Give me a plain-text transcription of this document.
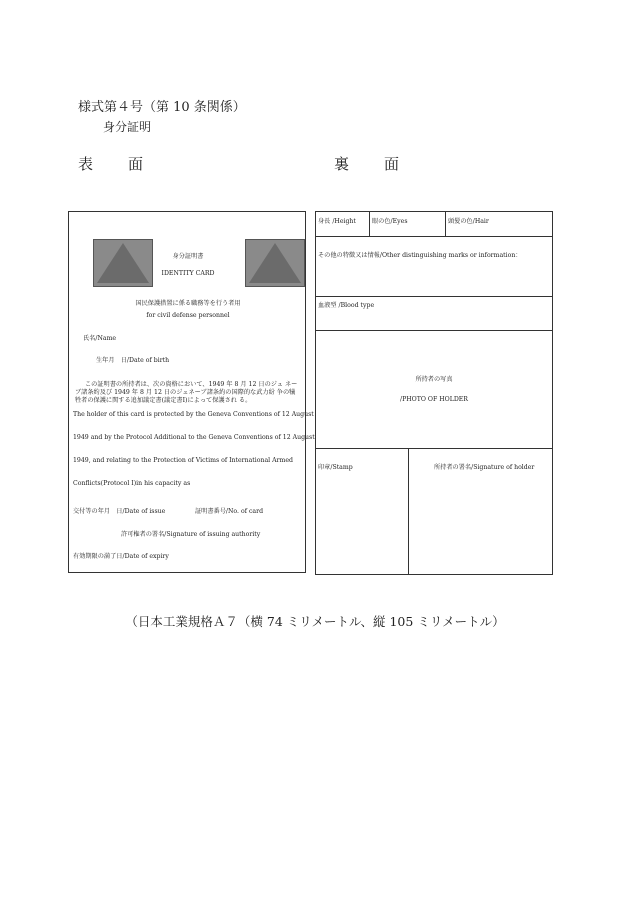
様式第４号（第 10 条関係）
身分証明
表　面	裏　面
身分証明書
IDENTITY CARD
国民保護措置に係る職務等を行う者用
for civil defense personnel
氏名/Name
生年月　日/Date of birth
この証明書の所持者は、次の資格において、1949 年 8 月 12 日のジュ ネーブ諸条約及び 1949 年 8 月 12 日のジュネーブ諸条約の国際的な武力紛 争の犠牲者の保護に関する追加議定書(議定書Ⅰ)によって保護され る。
The holder of this card is protected by the Geneva Conventions of 12 August
1949 and by the Protocol Additional to the Geneva Conventions of 12 August
1949, and relating to the Protection of Victims of International Armed
Conflicts(Protocol I)in his capacity as
交付等の年月　日/Date of issue	証明書番号/No. of card
許可権者の署名/Signature of issuing authority
有効期限の満了日/Date of expiry
身長 /Height	眼の色/Eyes	頭髪の色/Hair
その他の特徴又は情報/Other distinguishing marks or information：
血液型 /Blood type
所持者の写真
/PHOTO OF HOLDER
印章/Stamp	所持者の署名/Signature of holder
（日本工業規格Ａ７（横 74 ミリメートル、縦 105 ミリメートル）
